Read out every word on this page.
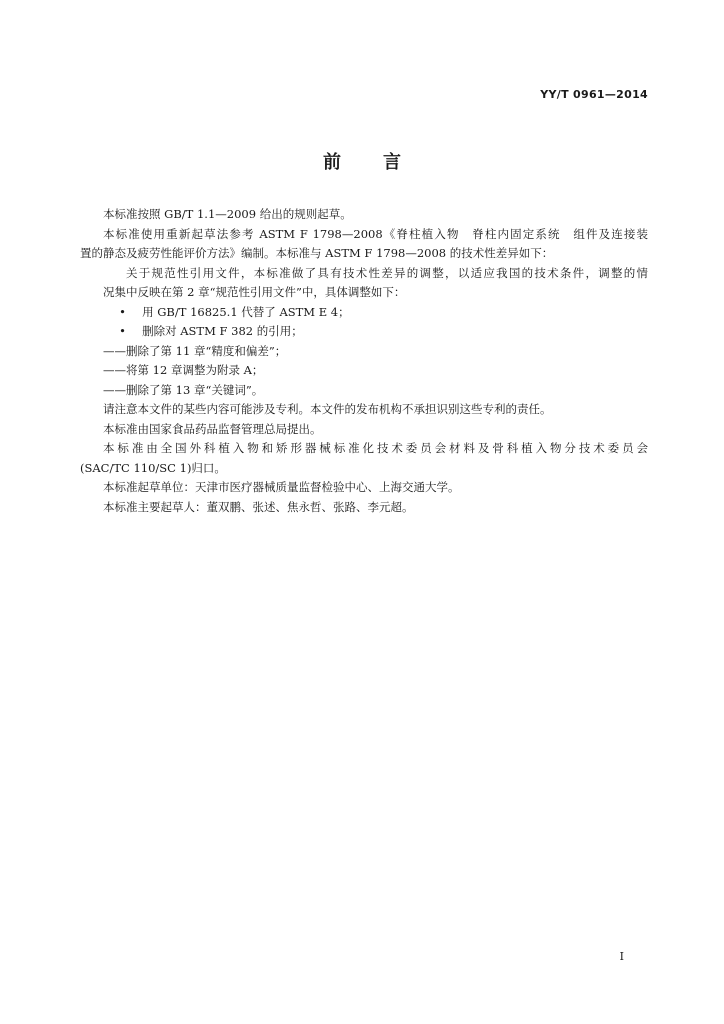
YY/T 0961—2014
前言

本标准按照 GB/T 1.1—2009 给出的规则起草。

本标准使用重新起草法参考 ASTM F 1798—2008《脊柱植入物　脊柱内固定系统　组件及连接装

置的静态及疲劳性能评价方法》编制。本标准与 ASTM F 1798—2008 的技术性差异如下：

关于规范性引用文件，本标准做了具有技术性差异的调整，以适应我国的技术条件，调整的情

况集中反映在第 2 章“规范性引用文件”中，具体调整如下：

• 用 GB/T 16825.1 代替了 ASTM E 4；

• 删除对 ASTM F 382 的引用；

——删除了第 11 章“精度和偏差”；

——将第 12 章调整为附录 A；

——删除了第 13 章“关键词”。

请注意本文件的某些内容可能涉及专利。本文件的发布机构不承担识别这些专利的责任。

本标准由国家食品药品监督管理总局提出。

本标准由全国外科植入物和矫形器械标准化技术委员会材料及骨科植入物分技术委员会

(SAC/TC 110/SC 1)归口。

本标准起草单位：天津市医疗器械质量监督检验中心、上海交通大学。

本标准主要起草人：董双鹏、张述、焦永哲、张路、李元超。

I
